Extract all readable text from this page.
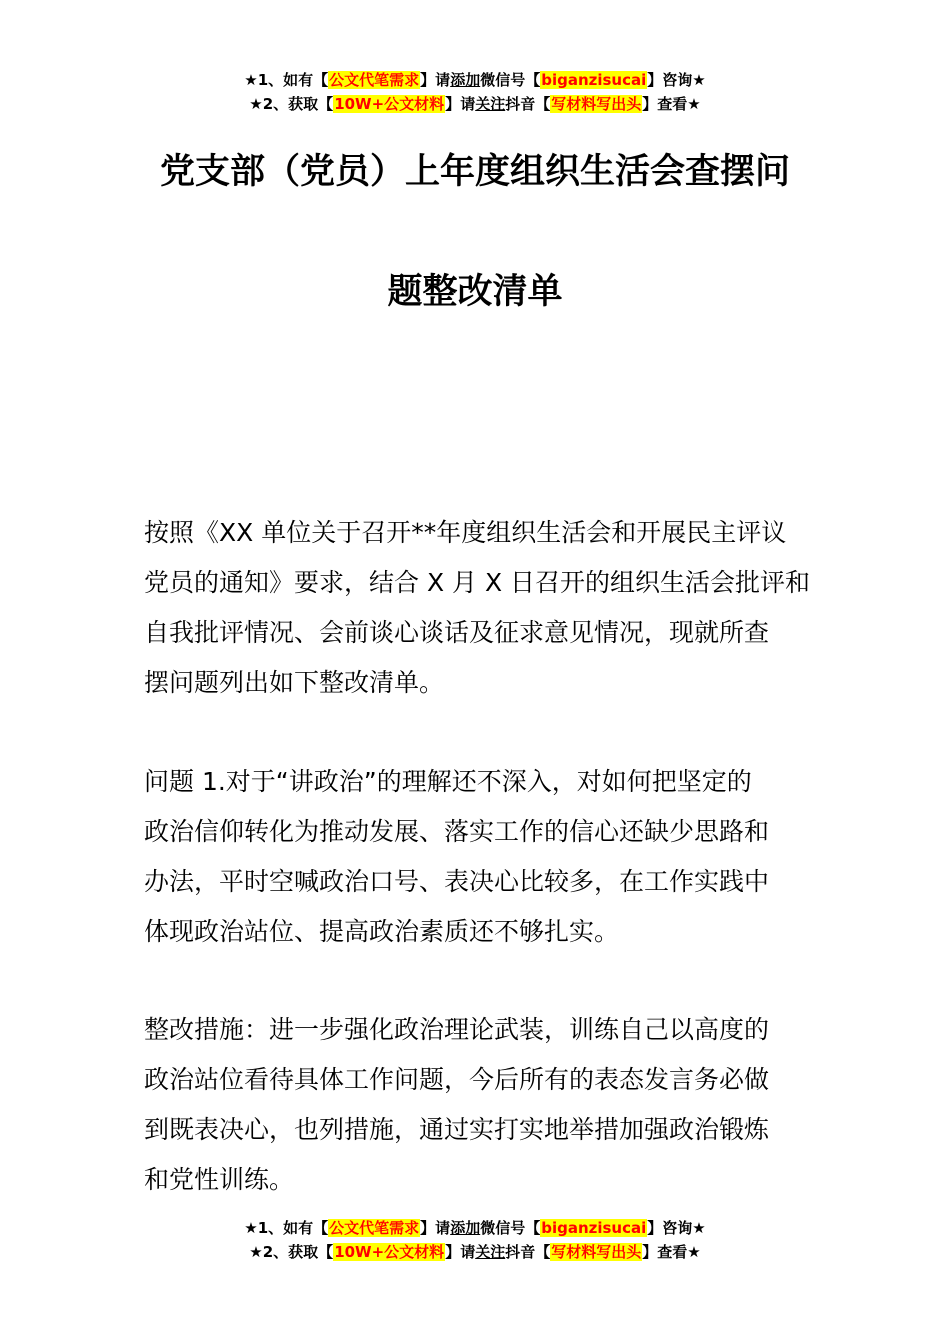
★1、如有【公文代笔需求】请添加微信号【biganzisucai】咨询★
★2、获取【10W+公文材料】请关注抖音【写材料写出头】查看★
党支部（党员）上年度组织生活会查摆问
题整改清单
按照《XX 单位关于召开**年度组织生活会和开展民主评议
党员的通知》要求，结合 X 月 X 日召开的组织生活会批评和
自我批评情况、会前谈心谈话及征求意见情况，现就所查
摆问题列出如下整改清单。
问题 1.对于“讲政治”的理解还不深入，对如何把坚定的
政治信仰转化为推动发展、落实工作的信心还缺少思路和
办法，平时空喊政治口号、表决心比较多，在工作实践中
体现政治站位、提高政治素质还不够扎实。
整改措施：进一步强化政治理论武装，训练自己以高度的
政治站位看待具体工作问题，今后所有的表态发言务必做
到既表决心，也列措施，通过实打实地举措加强政治锻炼
和党性训练。
★1、如有【公文代笔需求】请添加微信号【biganzisucai】咨询★
★2、获取【10W+公文材料】请关注抖音【写材料写出头】查看★
